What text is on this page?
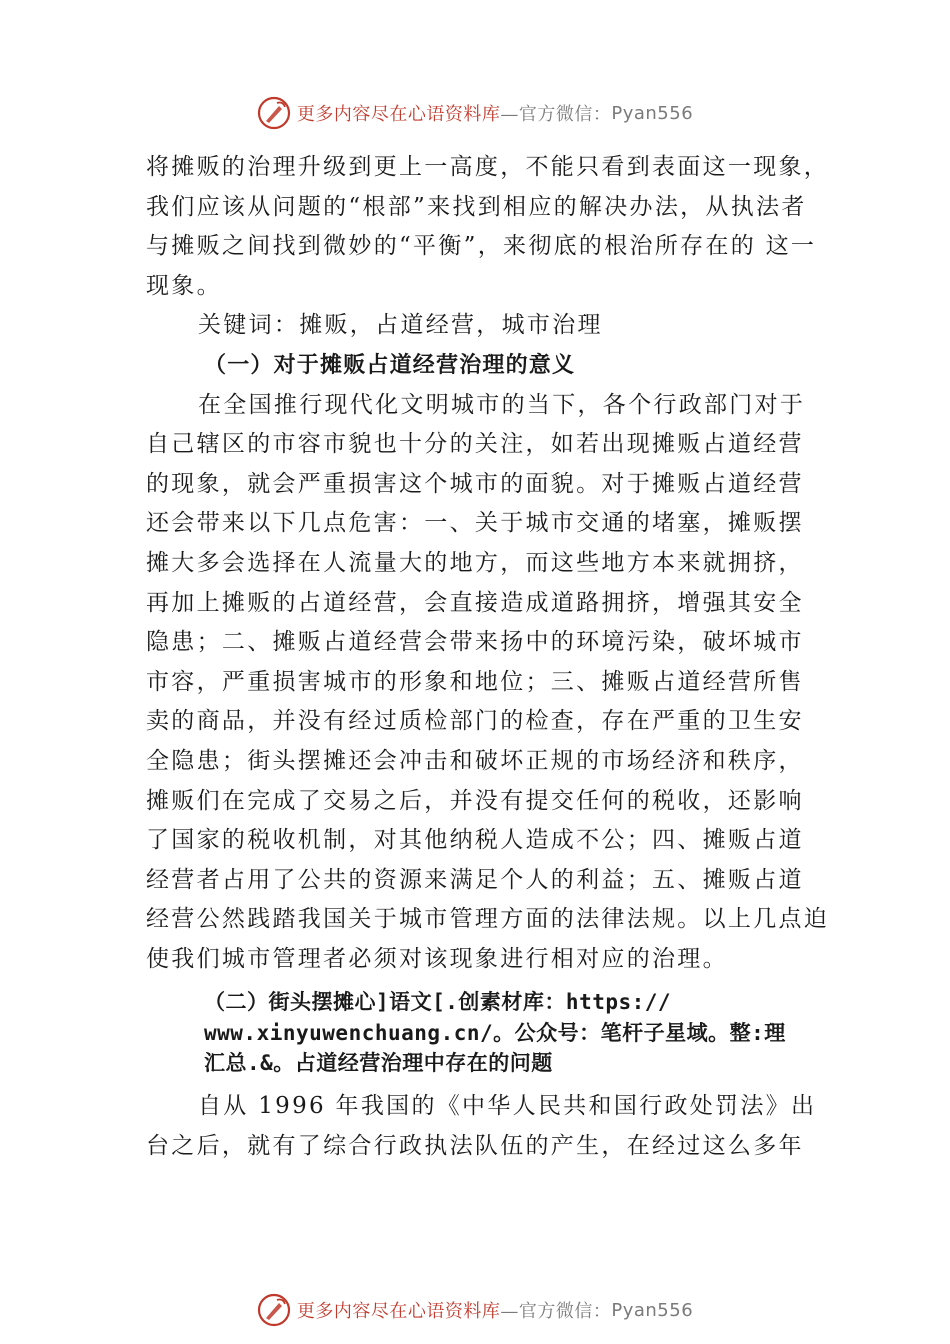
更多内容尽在心语资料库 —官方微信： Pyan556
将摊贩的治理升级到更上一高度，不能只看到表面这一现象，
我们应该从问题的“根部”来找到相应的解决办法，从执法者
与摊贩之间找到微妙的“平衡”，来彻底的根治所存在的 这一
现象。
关键词：摊贩，占道经营，城市治理
（一）对于摊贩占道经营治理的意义
在全国推行现代化文明城市的当下，各个行政部门对于
自己辖区的市容市貌也十分的关注，如若出现摊贩占道经营
的现象，就会严重损害这个城市的面貌。对于摊贩占道经营
还会带来以下几点危害：一、关于城市交通的堵塞，摊贩摆
摊大多会选择在人流量大的地方，而这些地方本来就拥挤，
再加上摊贩的占道经营，会直接造成道路拥挤，增强其安全
隐患；二、摊贩占道经营会带来扬中的环境污染，破坏城市
市容，严重损害城市的形象和地位；三、摊贩占道经营所售
卖的商品，并没有经过质检部门的检查，存在严重的卫生安
全隐患；街头摆摊还会冲击和破坏正规的市场经济和秩序，
摊贩们在完成了交易之后，并没有提交任何的税收，还影响
了国家的税收机制，对其他纳税人造成不公；四、摊贩占道
经营者占用了公共的资源来满足个人的利益；五、摊贩占道
经营公然践踏我国关于城市管理方面的法律法规。以上几点迫
使我们城市管理者必须对该现象进行相对应的治理。
（二）街头摆摊心]语文[.创素材库：https://
www.xinyuwenchuang.cn/。公众号：笔杆子星域。整:理
汇总.&。占道经营治理中存在的问题
自从 1996 年我国的《中华人民共和国行政处罚法》出
台之后，就有了综合行政执法队伍的产生，在经过这么多年
更多内容尽在心语资料库 —官方微信： Pyan556
